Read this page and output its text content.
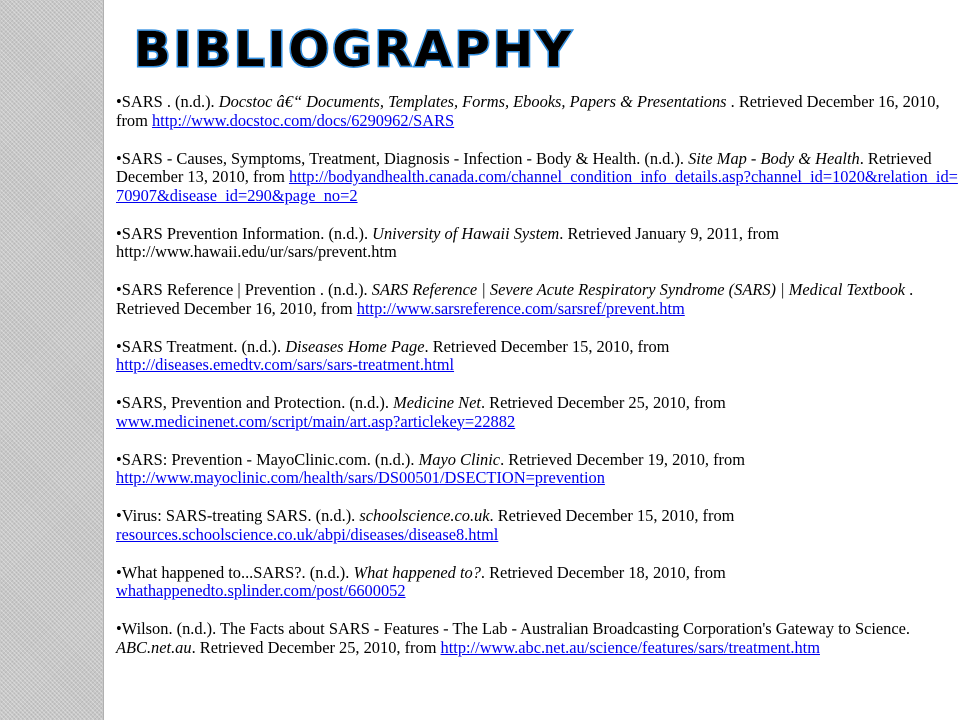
BIBLIOGRAPHY

•SARS . (n.d.). Docstoc â€“ Documents, Templates, Forms, Ebooks, Papers & Presentations . Retrieved December 16, 2010, from http://www.docstoc.com/docs/6290962/SARS

•SARS - Causes, Symptoms, Treatment, Diagnosis - Infection - Body & Health. (n.d.). Site Map - Body & Health. Retrieved December 13, 2010, from http://bodyandhealth.canada.com/channel_condition_info_details.asp?channel_id=1020&relation_id=70907&disease_id=290&page_no=2

•SARS Prevention Information. (n.d.). University of Hawaii System. Retrieved January 9, 2011, from http://www.hawaii.edu/ur/sars/prevent.htm

•SARS Reference | Prevention . (n.d.). SARS Reference | Severe Acute Respiratory Syndrome (SARS) | Medical Textbook . Retrieved December 16, 2010, from http://www.sarsreference.com/sarsref/prevent.htm

•SARS Treatment. (n.d.). Diseases Home Page. Retrieved December 15, 2010, from http://diseases.emedtv.com/sars/sars-treatment.html

•SARS, Prevention and Protection. (n.d.). Medicine Net. Retrieved December 25, 2010, from www.medicinenet.com/script/main/art.asp?articlekey=22882

•SARS: Prevention - MayoClinic.com. (n.d.). Mayo Clinic. Retrieved December 19, 2010, from http://www.mayoclinic.com/health/sars/DS00501/DSECTION=prevention

•Virus: SARS-treating SARS. (n.d.). schoolscience.co.uk. Retrieved December 15, 2010, from resources.schoolscience.co.uk/abpi/diseases/disease8.html

•What happened to...SARS?. (n.d.). What happened to?. Retrieved December 18, 2010, from whathappenedto.splinder.com/post/6600052

•Wilson. (n.d.). The Facts about SARS - Features - The Lab - Australian Broadcasting Corporation's Gateway to Science. ABC.net.au. Retrieved December 25, 2010, from http://www.abc.net.au/science/features/sars/treatment.htm
